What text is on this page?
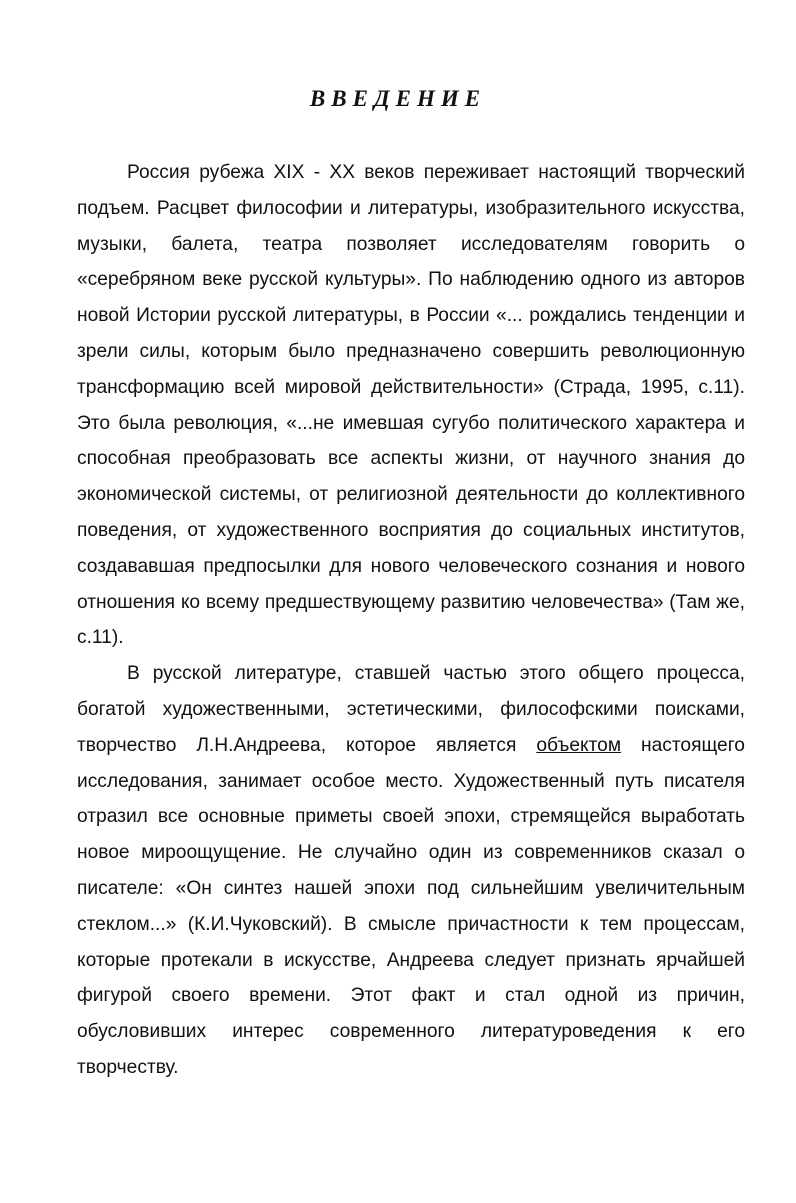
ВВЕДЕНИЕ

Россия рубежа XIX - XX веков переживает настоящий творческий подъем. Расцвет философии и литературы, изобразительного искусства, музыки, балета, театра позволяет исследователям говорить о «серебряном веке русской культуры». По наблюдению одного из авторов новой Истории русской литературы, в России «... рождались тенденции и зрели силы, которым было предназначено совершить революционную трансформацию всей мировой действительности» (Страда, 1995, с.11). Это была революция, «...не имевшая сугубо политического характера и способная преобразовать все аспекты жизни, от научного знания до экономической системы, от религиозной деятельности до коллективного поведения, от художественного восприятия до социальных институтов, создававшая предпосылки для нового человеческого сознания и нового отношения ко всему предшествующему развитию человечества» (Там же, с.11).

В русской литературе, ставшей частью этого общего процесса, богатой художественными, эстетическими, философскими поисками, творчество Л.Н.Андреева, которое является объектом настоящего исследования, занимает особое место. Художественный путь писателя отразил все основные приметы своей эпохи, стремящейся выработать новое мироощущение. Не случайно один из современников сказал о писателе: «Он синтез нашей эпохи под сильнейшим увеличительным стеклом...» (К.И.Чуковский). В смысле причастности к тем процессам, которые протекали в искусстве, Андреева следует признать ярчайшей фигурой своего времени. Этот факт и стал одной из причин, обусловивших интерес современного литературоведения к его творчеству.
